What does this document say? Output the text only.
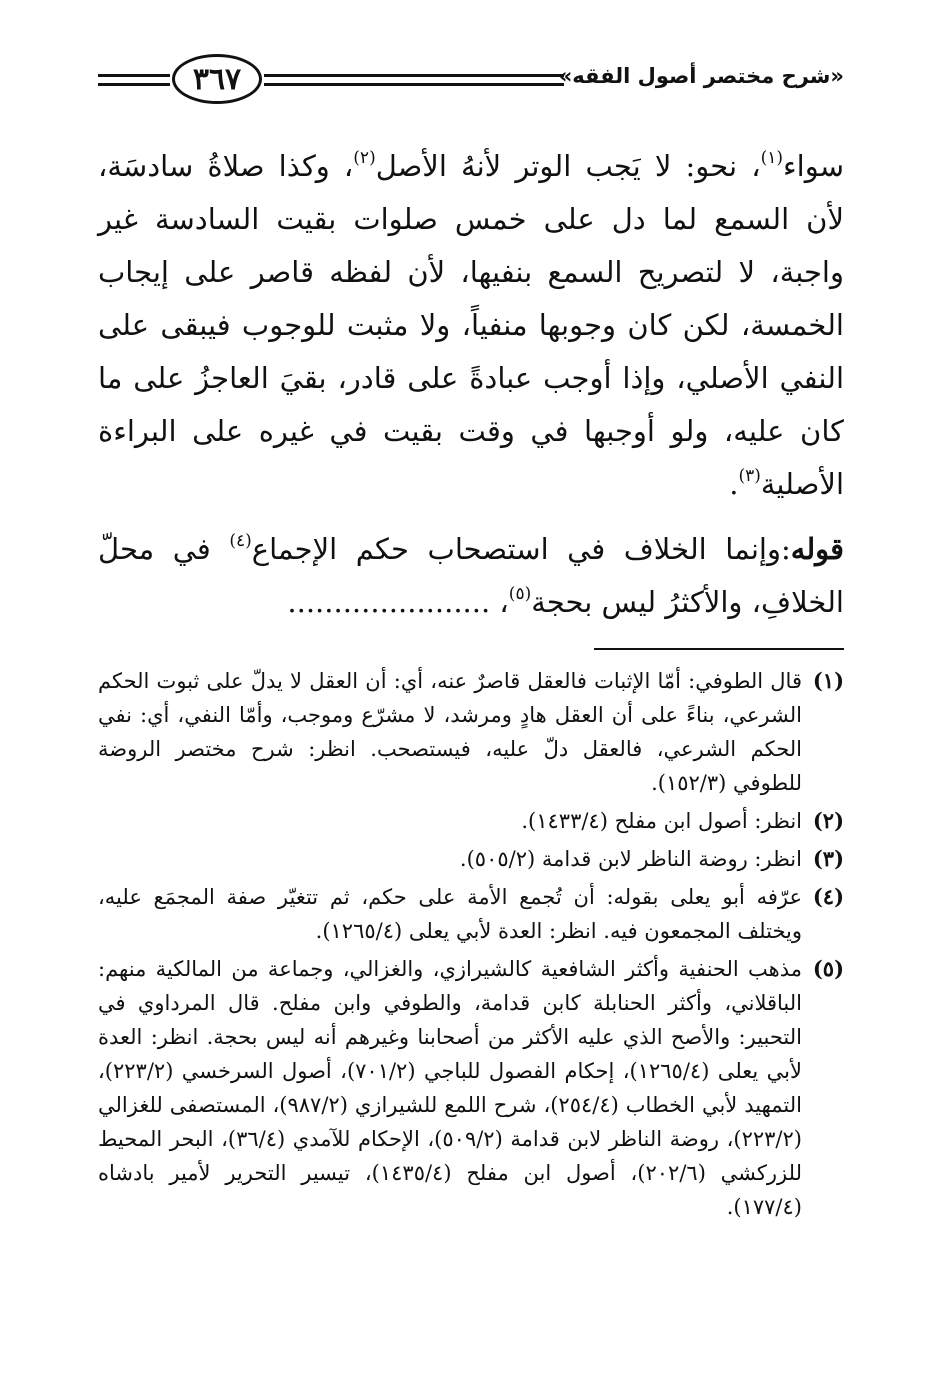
٣٦٧	«شرح مختصر أصول الفقه»

سواء$^{(١)}$، نحو: لا يَجب الوتر لأنهُ الأصل$^{(٢)}$، وكذا صلاةُ سادسَة، لأن السمع لما دل على خمس صلوات بقيت السادسة غير واجبة، لا لتصريح السمع بنفيها، لأن لفظه قاصر على إيجاب الخمسة، لكن كان وجوبها منفياً، ولا مثبت للوجوب فيبقى على النفي الأصلي، وإذا أوجب عبادةً على قادر، بقيَ العاجزُ على ما كان عليه، ولو أوجبها في وقت بقيت في غيره على البراءة الأصلية$^{(٣)}$.

قوله:وإنما الخلاف في استصحاب حكم الإجماع$^{(٤)}$ في محلّ الخلافِ، والأكثرُ ليس بحجة$^{(٥)}$، ......................

(١)
قال الطوفي: أمّا الإثبات فالعقل قاصرٌ عنه، أي: أن العقل لا يدلّ على ثبوت الحكم الشرعي، بناءً على أن العقل هادٍ ومرشد، لا مشرّع وموجب، وأمّا النفي، أي: نفي الحكم الشرعي، فالعقل دلّ عليه، فيستصحب. انظر: شرح مختصر الروضة للطوفي (١٥٢/٣).
(٢)
انظر: أصول ابن مفلح (١٤٣٣/٤).
(٣)
انظر: روضة الناظر لابن قدامة (٥٠٥/٢).
(٤)
عرّفه أبو يعلى بقوله: أن تُجمع الأمة على حكم، ثم تتغيّر صفة المجمَع عليه، ويختلف المجمعون فيه. انظر: العدة لأبي يعلى (١٢٦٥/٤).
(٥)
مذهب الحنفية وأكثر الشافعية كالشيرازي، والغزالي، وجماعة من المالكية منهم: الباقلاني، وأكثر الحنابلة كابن قدامة، والطوفي وابن مفلح. قال المرداوي في التحبير: والأصح الذي عليه الأكثر من أصحابنا وغيرهم أنه ليس بحجة. انظر: العدة لأبي يعلى (١٢٦٥/٤)، إحكام الفصول للباجي (٧٠١/٢)، أصول السرخسي (٢٢٣/٢)، التمهيد لأبي الخطاب (٢٥٤/٤)، شرح اللمع للشيرازي (٩٨٧/٢)، المستصفى للغزالي (٢٢٣/٢)، روضة الناظر لابن قدامة (٥٠٩/٢)، الإحكام للآمدي (٣٦/٤)، البحر المحيط للزركشي (٢٠٢/٦)، أصول ابن مفلح (١٤٣٥/٤)، تيسير التحرير لأمير بادشاه (١٧٧/٤).
